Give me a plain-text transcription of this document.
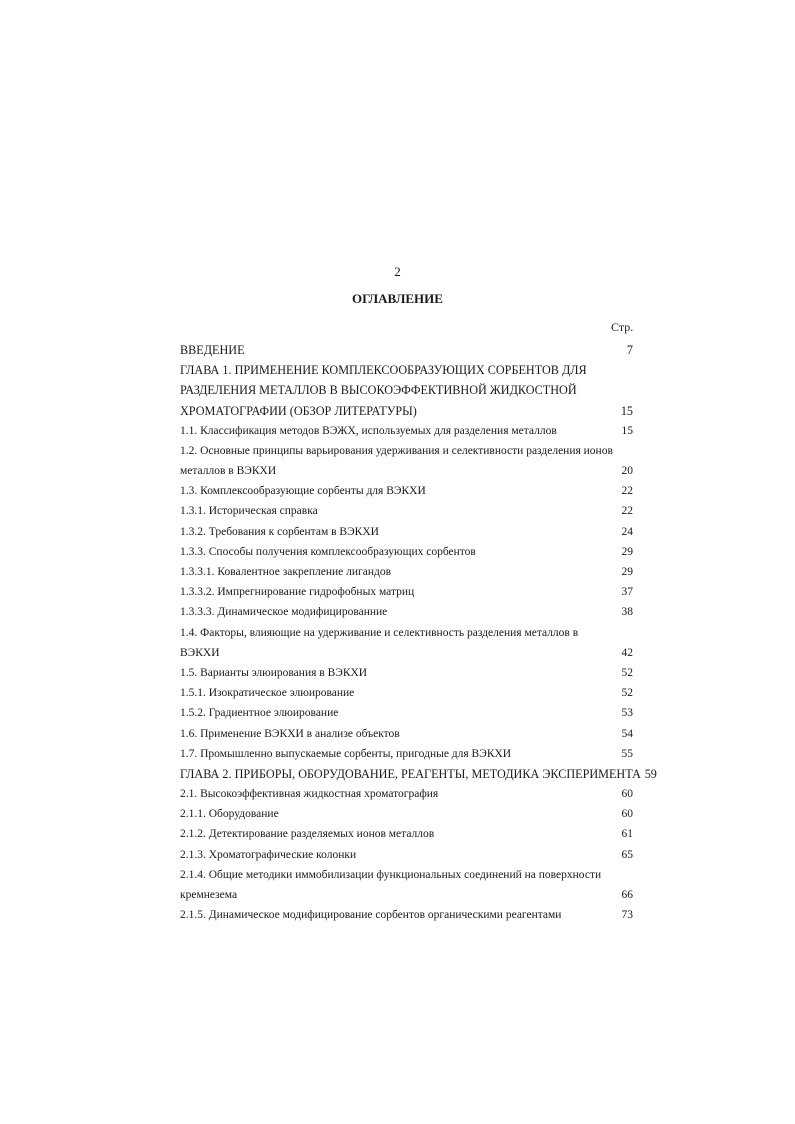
2
ОГЛАВЛЕНИЕ
Стр.
ВВЕДЕНИЕ	7
ГЛАВА 1. ПРИМЕНЕНИЕ КОМПЛЕКСООБРАЗУЮЩИХ СОРБЕНТОВ ДЛЯ
РАЗДЕЛЕНИЯ МЕТАЛЛОВ В ВЫСОКОЭФФЕКТИВНОЙ ЖИДКОСТНОЙ
ХРОМАТОГРАФИИ (ОБЗОР ЛИТЕРАТУРЫ)	15
1.1. Классификация методов ВЭЖХ, используемых для разделения металлов	15
1.2. Основные принципы варьирования удерживания и селективности разделения ионов
металлов в ВЭКХИ	20
1.3. Комплексообразующие сорбенты для ВЭКХИ	22
1.3.1. Историческая справка	22
1.3.2. Требования к сорбентам в ВЭКХИ	24
1.3.3. Способы получения комплексообразующих сорбентов	29
1.3.3.1. Ковалентное закрепление лигандов	29
1.3.3.2. Импрегнирование гидрофобных матриц	37
1.3.3.3. Динамическое модифицированние	38
1.4. Факторы, влияющие на удерживание и селективность разделения металлов в
ВЭКХИ	42
1.5. Варианты элюирования в ВЭКХИ	52
1.5.1. Изократическое элюирование	52
1.5.2. Градиентное элюирование	53
1.6. Применение ВЭКХИ в анализе объектов	54
1.7. Промышленно выпускаемые сорбенты, пригодные для ВЭКХИ	55
ГЛАВА 2. ПРИБОРЫ, ОБОРУДОВАНИЕ, РЕАГЕНТЫ, МЕТОДИКА ЭКСПЕРИМЕНТА 59
2.1. Высокоэффективная жидкостная хроматография	60
2.1.1. Оборудование	60
2.1.2. Детектирование разделяемых ионов металлов	61
2.1.3. Хроматографические колонки	65
2.1.4. Общие методики иммобилизации функциональных соединений на поверхности
кремнезема	66
2.1.5. Динамическое модифицирование сорбентов органическими реагентами	73
